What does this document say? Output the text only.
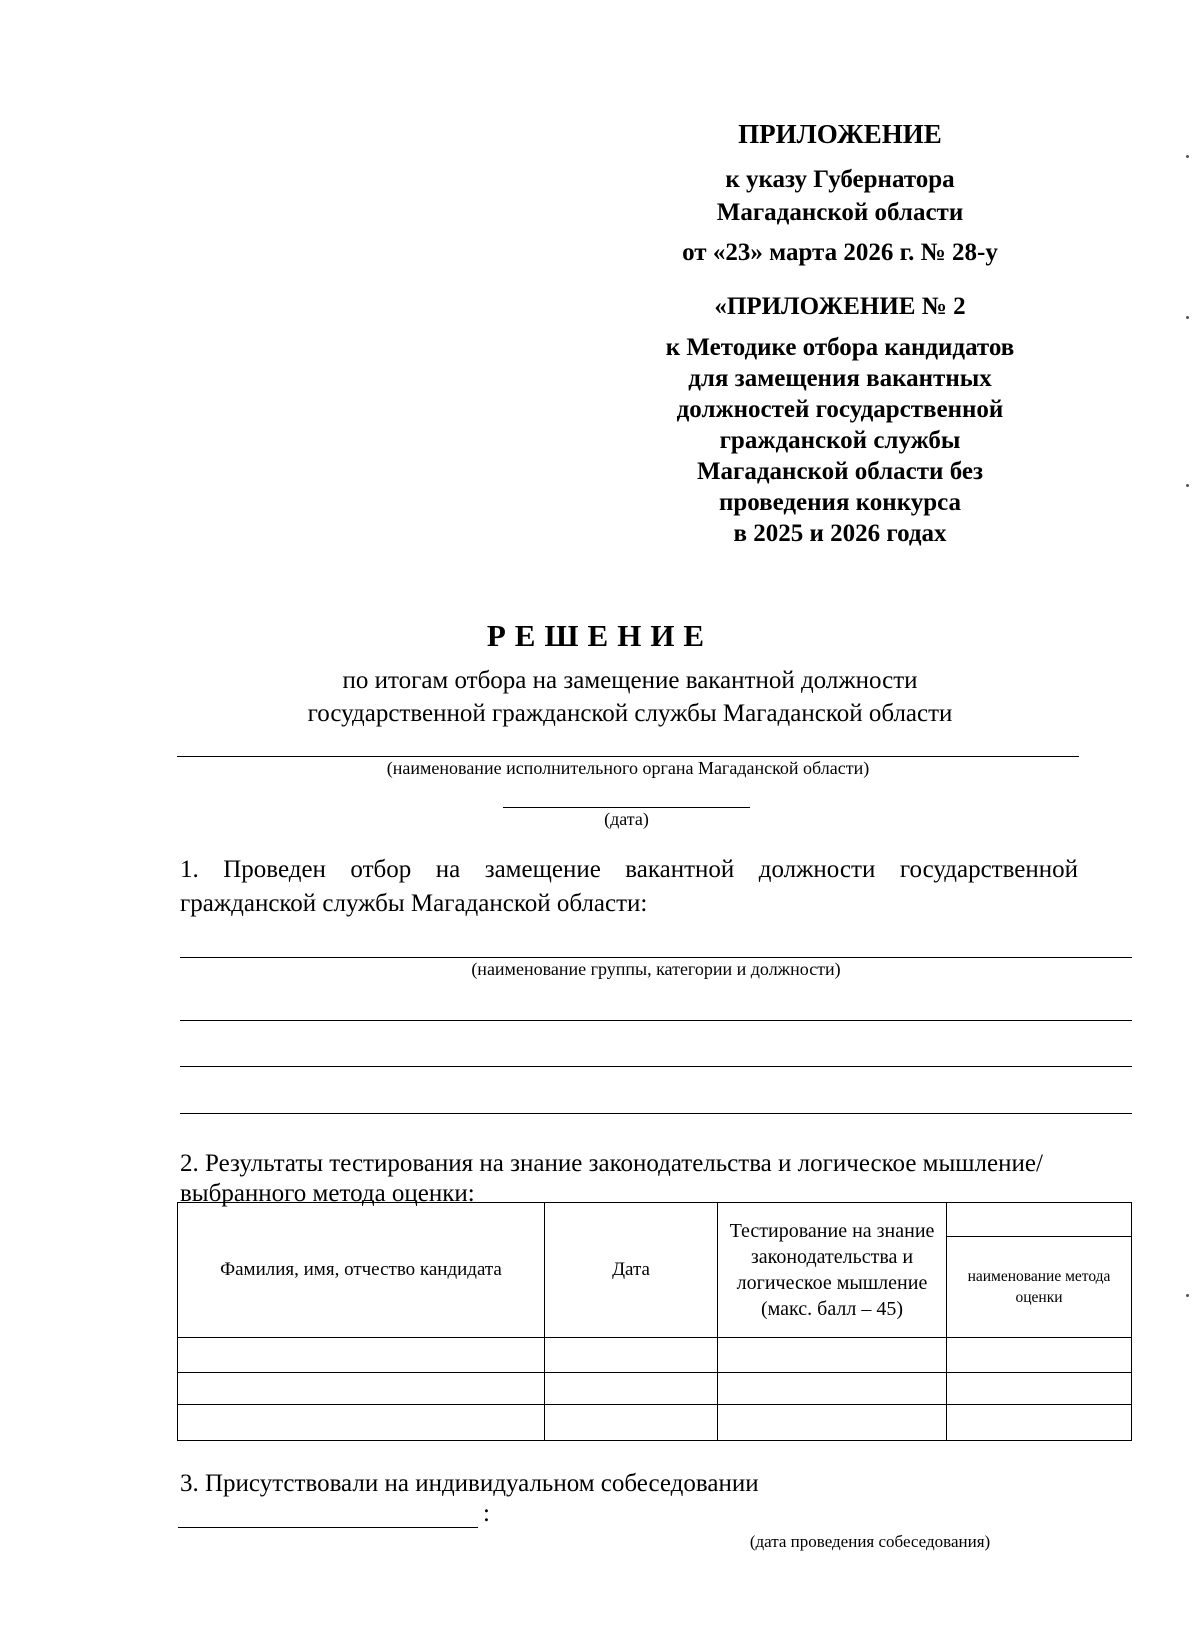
ПРИЛОЖЕНИЕ
к указу Губернатора
Магаданской области
от «23» марта 2026 г. № 28-у
«ПРИЛОЖЕНИЕ № 2
к Методике отбора кандидатов
для замещения вакантных
должностей государственной
гражданской службы
Магаданской области без
проведения конкурса
в 2025 и 2026 годах
РЕШЕНИЕ
по итогам отбора на замещение вакантной должности
государственной гражданской службы Магаданской области
(наименование исполнительного органа Магаданской области)
(дата)
1. Проведен отбор на замещение вакантной должности государственной
гражданской службы Магаданской области:
(наименование группы, категории и должности)
2. Результаты тестирования на знание законодательства и логическое мышление/
выбранного метода оценки:
Фамилия, имя, отчество кандидата	Дата	Тестирование на знание законодательства и логическое мышление (макс. балл – 45)	
			наименование метода оценки

3. Присутствовали на индивидуальном собеседовании
:
(дата проведения собеседования)
